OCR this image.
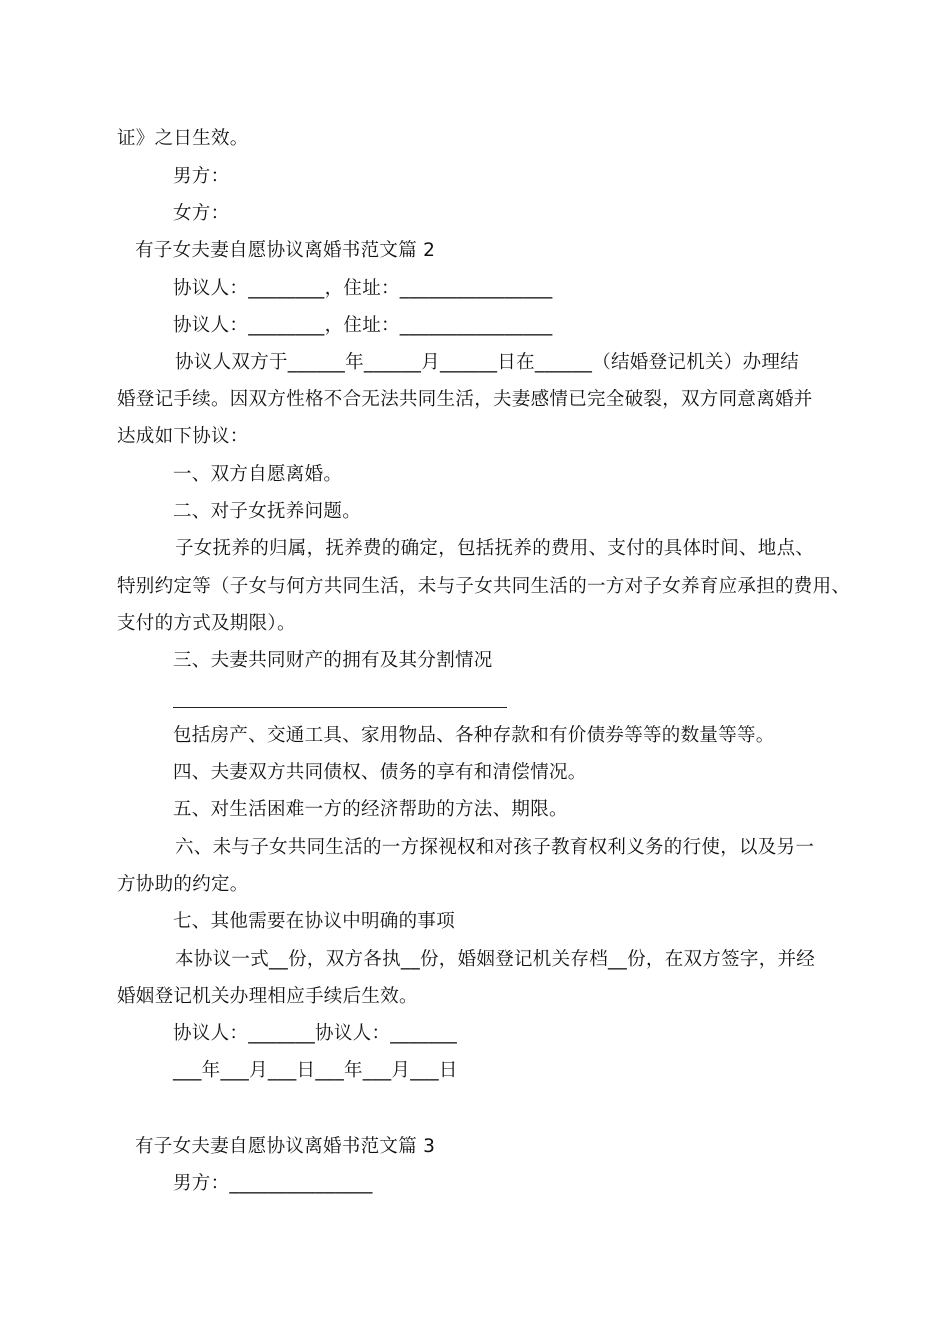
证》之日生效。
男方：
女方：
有子女夫妻自愿协议离婚书范文篇 2
协议人：________，住址：________________
协议人：________，住址：________________
协议人双方于______年______月______日在______（结婚登记机关）办理结
婚登记手续。因双方性格不合无法共同生活，夫妻感情已完全破裂，双方同意离婚并
达成如下协议：
一、双方自愿离婚。
二、对子女抚养问题。
子女抚养的归属，抚养费的确定，包括抚养的费用、支付的具体时间、地点、
特别约定等（子女与何方共同生活，未与子女共同生活的一方对子女养育应承担的费用、
支付的方式及期限）。
三、夫妻共同财产的拥有及其分割情况
包括房产、交通工具、家用物品、各种存款和有价债券等等的数量等等。
四、夫妻双方共同债权、债务的享有和清偿情况。
五、对生活困难一方的经济帮助的方法、期限。
六、未与子女共同生活的一方探视权和对孩子教育权利义务的行使，以及另一
方协助的约定。
七、其他需要在协议中明确的事项
本协议一式__份，双方各执__份，婚姻登记机关存档__份，在双方签字，并经
婚姻登记机关办理相应手续后生效。
协议人：_______协议人：_______
___年___月___日___年___月___日
有子女夫妻自愿协议离婚书范文篇 3
男方：_______________
